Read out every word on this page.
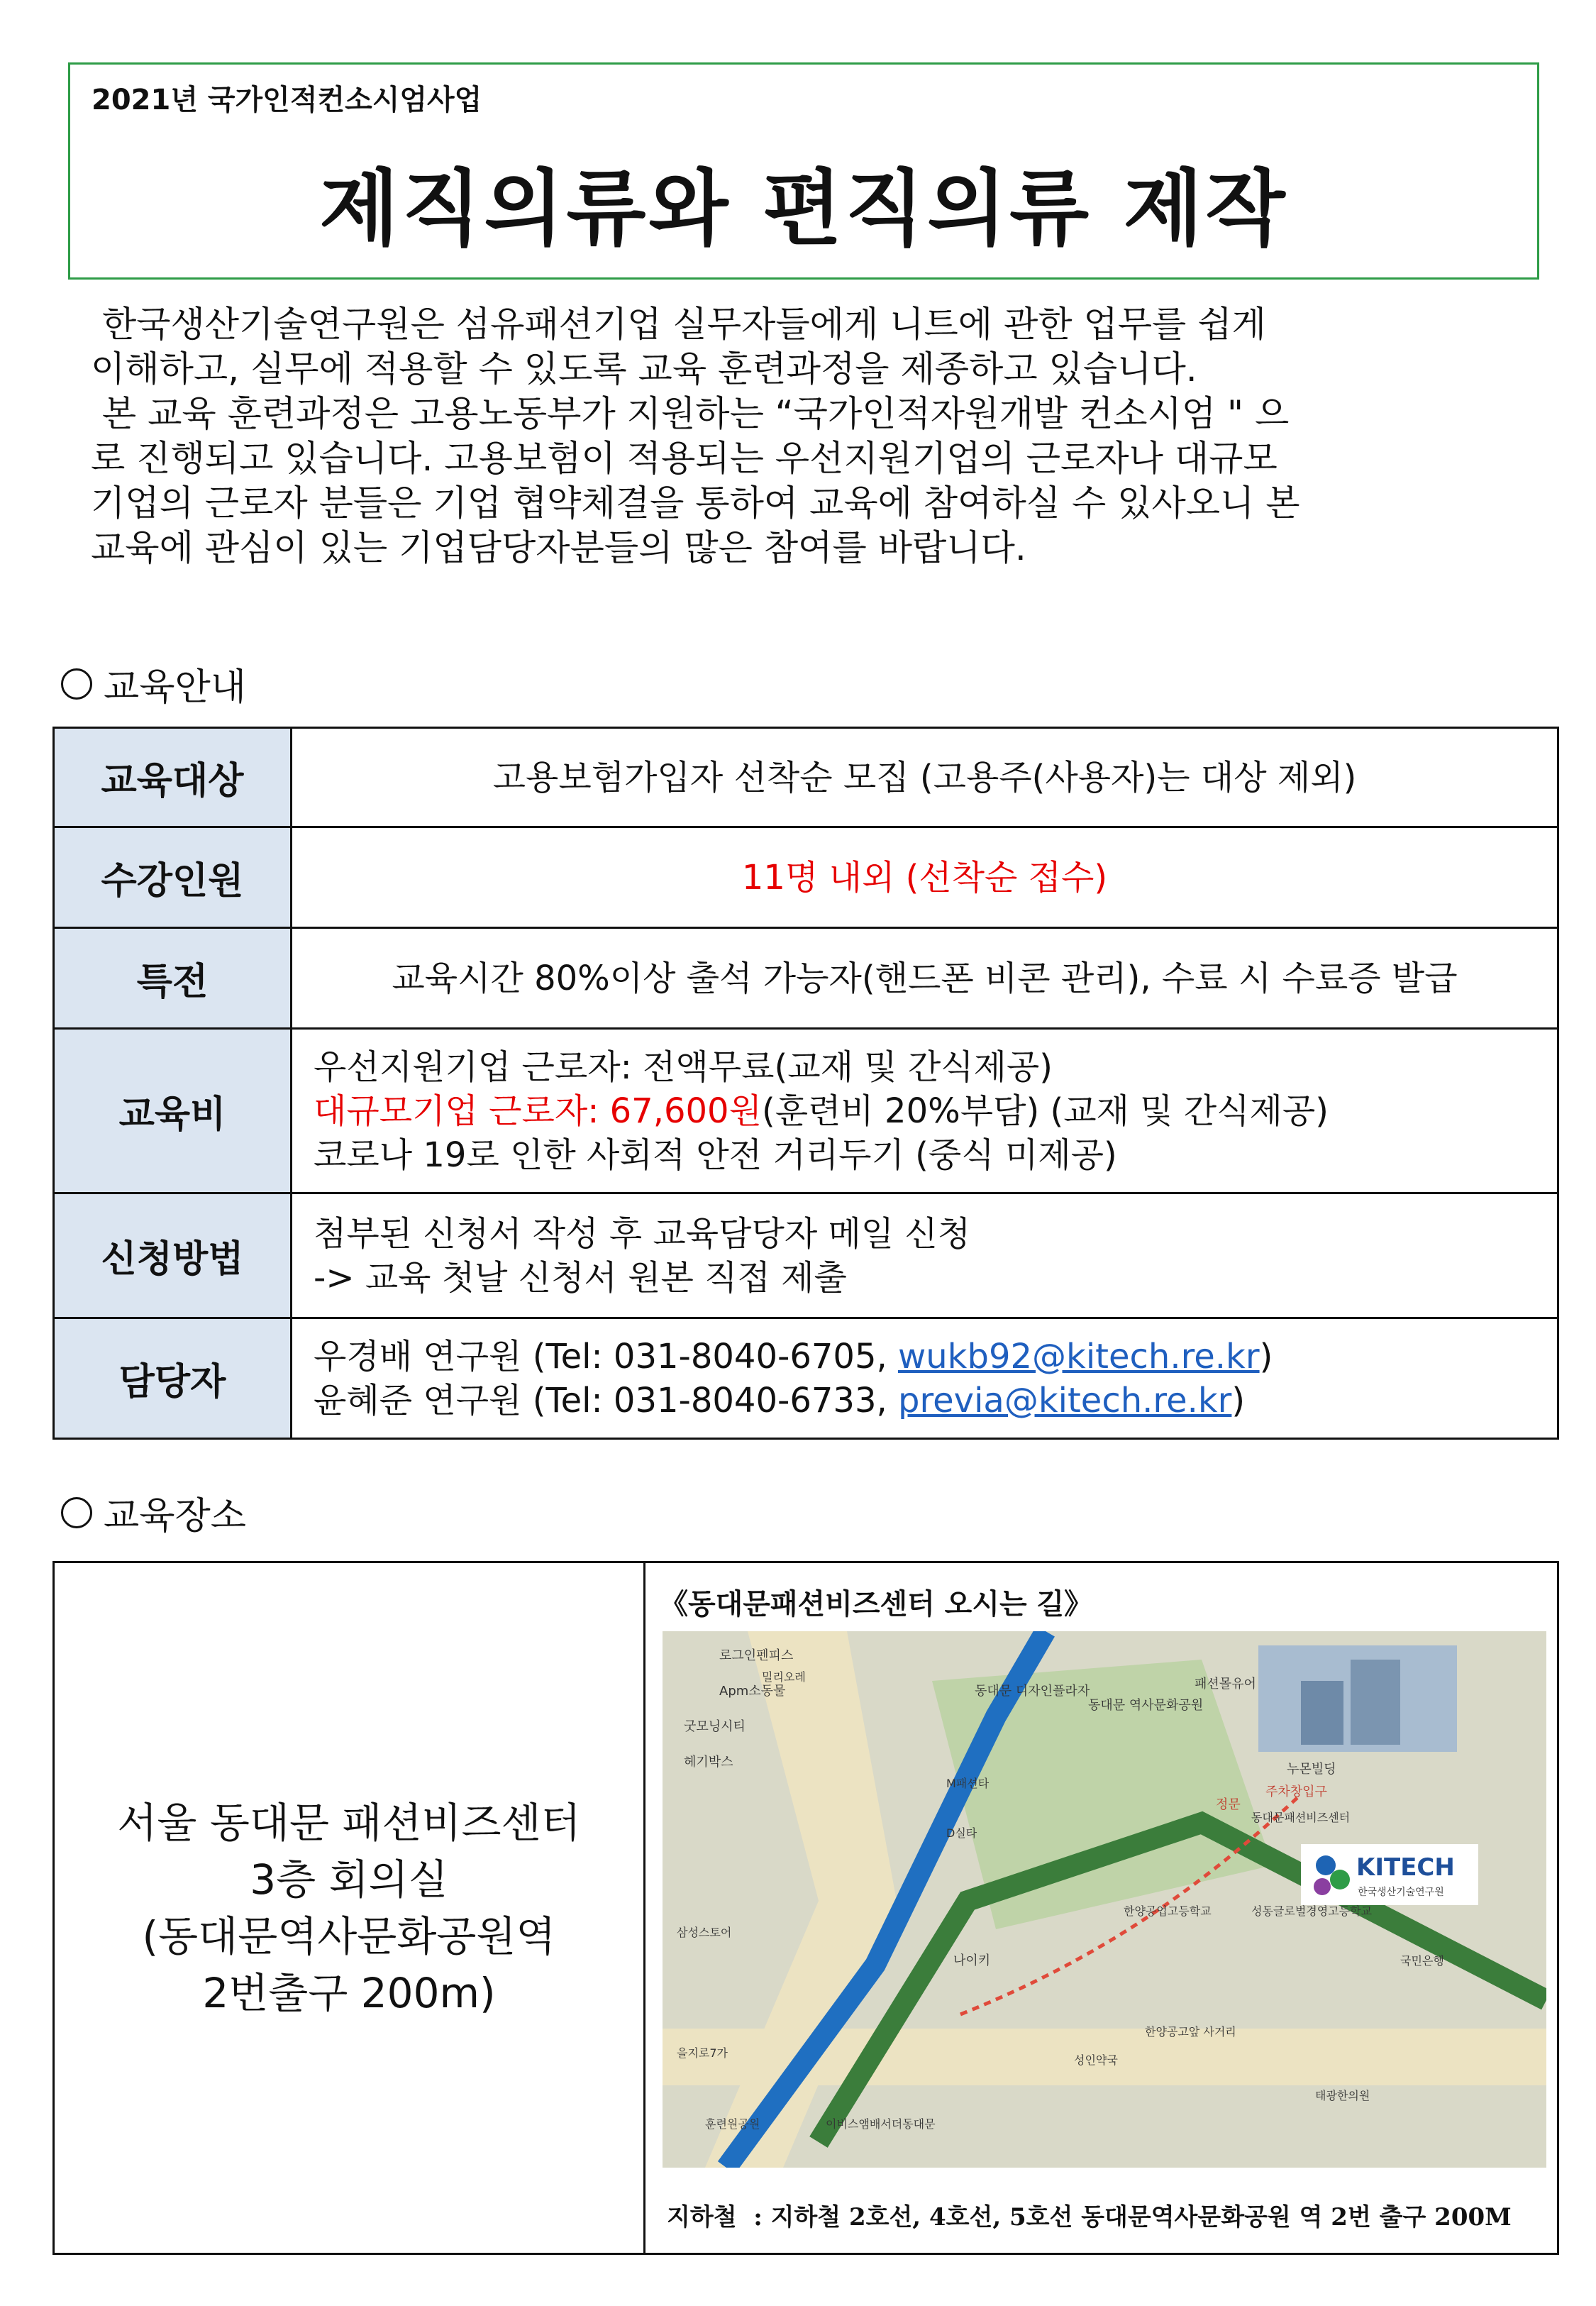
2021년 국가인적컨소시엄사업
제직의류와 편직의류 제작

한국생산기술연구원은 섬유패션기업 실무자들에게 니트에 관한 업무를 쉽게

이해하고, 실무에 적용할 수 있도록 교육 훈련과정을 제종하고 있습니다.

본 교육 훈련과정은 고용노동부가 지원하는 “국가인적자원개발 컨소시엄 " 으

로 진행되고 있습니다. 고용보험이 적용되는 우선지원기업의 근로자나 대규모

기업의 근로자 분들은 기업 협약체결을 통하여 교육에 참여하실 수 있사오니 본

교육에 관심이 있는 기업담당자분들의 많은 참여를 바랍니다.

교육안내
교육대상	고용보험가입자 선착순 모집 (고용주(사용자)는 대상 제외)
수강인원	11명 내외 (선착순 접수)
특전	교육시간 80%이상 출석 가능자(핸드폰 비콘 관리), 수료 시 수료증 발급
교육비	우선지원기업 근로자: 전액무료(교재 및 간식제공)
대규모기업 근로자: 67,600원(훈련비 20%부담) (교재 및 간식제공)
코로나 19로 인한 사회적 안전 거리두기 (중식 미제공)

신청방법	첨부된 신청서 작성 후 교육담당자 메일 신청
-> 교육 첫날 신청서 원본 직접 제출

담당자	우경배 연구원 (Tel: 031-8040-6705, wukb92@kitech.re.kr)
윤혜준 연구원 (Tel: 031-8040-6733, previa@kitech.re.kr)
교육장소
서울 동대문 패션비즈센터
3층 회의실
(동대문역사문화공원역
2번출구 200m)

《동대문패션비즈센터 오시는 길》
KITECH
한국생산기술연구원
로그인펜피스
Apm소동물
굿모닝시티
헤기박스
동대문 디자인플라자
동대문 역사문화공원
패션몰유어
누몬빌딩
주차창입구
정문
동대문패션비즈센터
한양공업고등학교	성동글로벌경영고등학교
국민은행
나이키
삼성스토어
밀리오레
M패션타
D실타
이비스앰배서더동대문
성인약국
한양공고앞 사거리
태광한의원
훈련원공원
을지로7가
지하철  : 지하철 2호선, 4호선, 5호선 동대문역사문화공원 역 2번 출구 200M
